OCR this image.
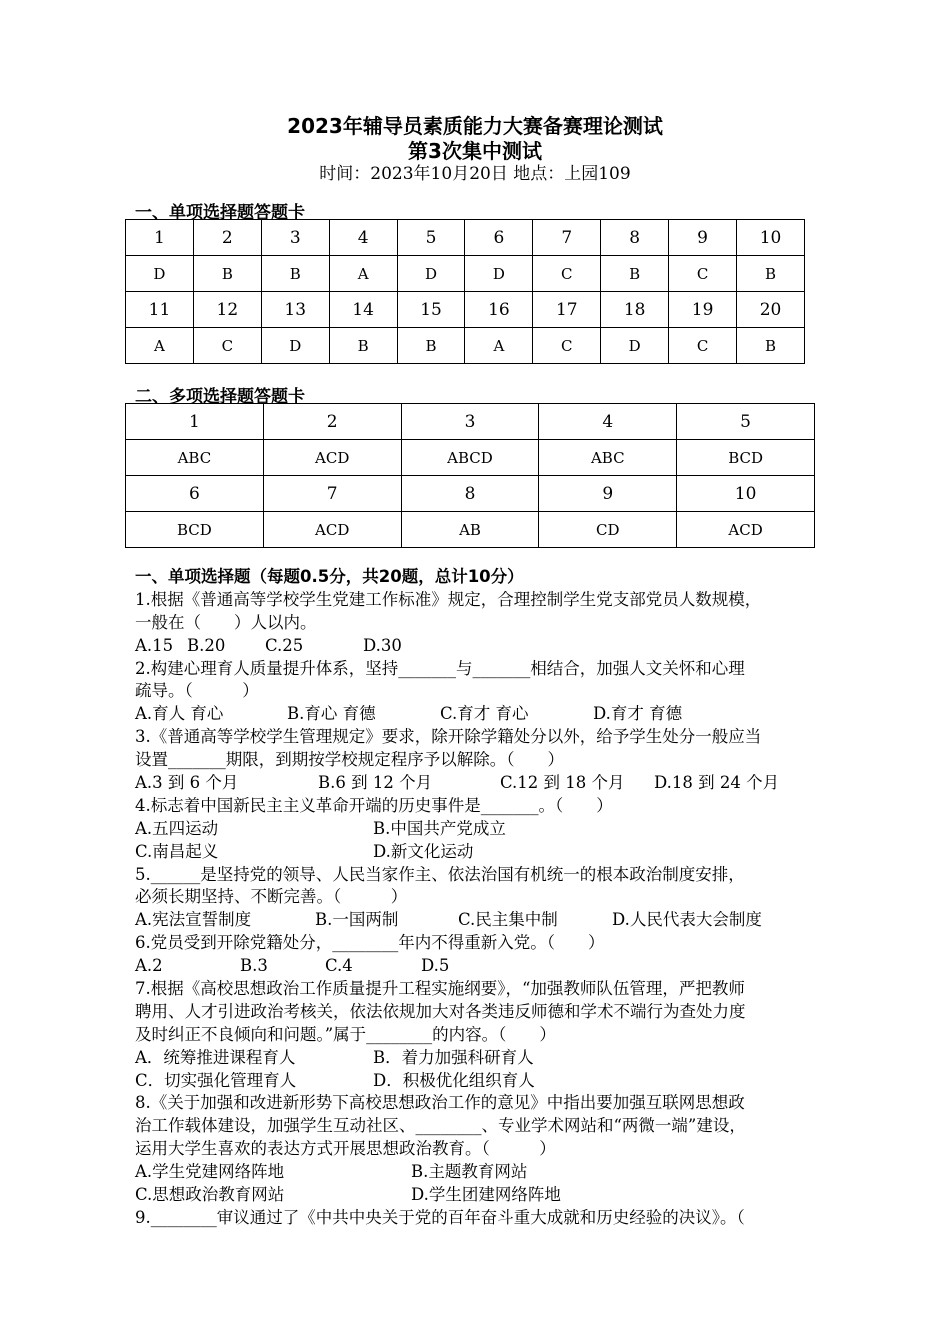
2023年辅导员素质能力大赛备赛理论测试
第3次集中测试
时间：2023年10月20日 地点：上园109
一、单项选择题答题卡
1	2	3	4	5	6	7	8	9	10
D	B	B	A	D	D	C	B	C	B
11	12	13	14	15	16	17	18	19	20
A	C	D	B	B	A	C	D	C	B
二、多项选择题答题卡
1	2	3	4	5
ABC	ACD	ABCD	ABC	BCD
6	7	8	9	10
BCD	ACD	AB	CD	ACD
一、单项选择题（每题0.5分，共20题，总计10分）
1.根据《普通高等学校学生党建工作标准》规定，合理控制学生党支部党员人数规模，
一般在（　　）人以内。
A.15 B.20 C.25	D.30
2.构建心理育人质量提升体系，坚持_______与_______相结合，加强人文关怀和心理
疏导。（　　　）
A.育人 育心	B.育心 育德	C.育才 育心	D.育才 育德
3.《普通高等学校学生管理规定》要求，除开除学籍处分以外，给予学生处分一般应当
设置_______期限，到期按学校规定程序予以解除。（　　）
A.3 到 6 个月	B.6 到 12 个月	C.12 到 18 个月 D.18 到 24 个月
4.标志着中国新民主主义革命开端的历史事件是_______。（　　）
A.五四运动	B.中国共产党成立
C.南昌起义	D.新文化运动
5.______是坚持党的领导、人民当家作主、依法治国有机统一的根本政治制度安排，
必须长期坚持、不断完善。（　　　）
A.宪法宣誓制度	B.一国两制	C.民主集中制	D.人民代表大会制度
6.党员受到开除党籍处分，________年内不得重新入党。（　　）
A.2	B.3	C.4	D.5
7.根据《高校思想政治工作质量提升工程实施纲要》，“加强教师队伍管理，严把教师
聘用、人才引进政治考核关，依法依规加大对各类违反师德和学术不端行为查处力度
及时纠正不良倾向和问题。”属于________的内容。（　　）
A．统筹推进课程育人	B．着力加强科研育人
C．切实强化管理育人	D．积极优化组织育人
8.《关于加强和改进新形势下高校思想政治工作的意见》中指出要加强互联网思想政
治工作载体建设，加强学生互动社区、________、专业学术网站和“两微一端”建设，
运用大学生喜欢的表达方式开展思想政治教育。（　　　）
A.学生党建网络阵地	B.主题教育网站
C.思想政治教育网站	D.学生团建网络阵地
9.________审议通过了《中共中央关于党的百年奋斗重大成就和历史经验的决议》。（
